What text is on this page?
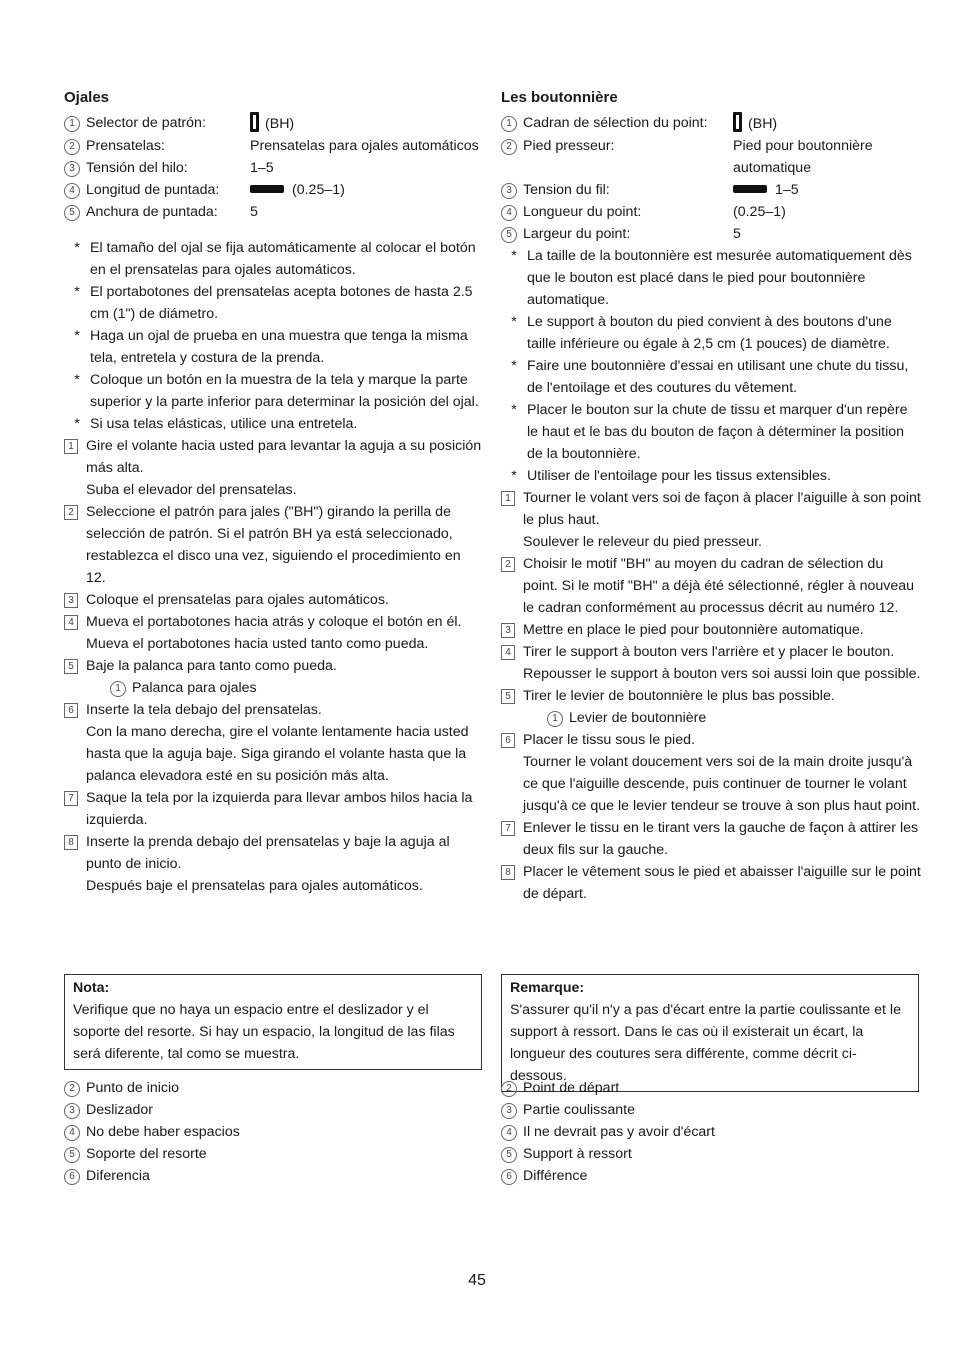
Ojales
1 Selector de patrón:	(BH)
2 Prensatelas:	Prensatelas para ojales automáticos
3 Tensión del hilo:	1–5
4 Longitud de puntada:	(0.25–1)
5 Anchura de puntada:	5
* El tamaño del ojal se fija automáticamente al colocar el botón en el prensatelas para ojales automáticos.
* El portabotones del prensatelas acepta botones de hasta 2.5 cm (1") de diámetro.
* Haga un ojal de prueba en una muestra que tenga la misma tela, entretela y costura de la prenda.
* Coloque un botón en la muestra de la tela y marque la parte superior y la parte inferior para determinar la posición del ojal.
* Si usa telas elásticas, utilice una entretela.
1 Gire el volante hacia usted para levantar la aguja a su posición más alta.
Suba el elevador del prensatelas.
2 Seleccione el patrón para jales ("BH") girando la perilla de selección de patrón. Si el patrón BH ya está seleccionado, restablezca el disco una vez, siguiendo el procedimiento en 12.
3 Coloque el prensatelas para ojales automáticos.
4 Mueva el portabotones hacia atrás y coloque el botón en él.
Mueva el portabotones hacia usted tanto como pueda.
5 Baje la palanca para tanto como pueda.
1 Palanca para ojales
6 Inserte la tela debajo del prensatelas.
Con la mano derecha, gire el volante lentamente hacia usted hasta que la aguja baje. Siga girando el volante hasta que la palanca elevadora esté en su posición más alta.
7 Saque la tela por la izquierda para llevar ambos hilos hacia la izquierda.
8 Inserte la prenda debajo del prensatelas y baje la aguja al punto de inicio.
Después baje el prensatelas para ojales automáticos.
Les boutonnière
1 Cadran de sélection du point:	(BH)
2 Pied presseur:	Pied pour boutonnière automatique
3 Tension du fil:	1–5
4 Longueur du point:	(0.25–1)
5 Largeur du point:	5
* La taille de la boutonnière est mesurée automatiquement dès que le bouton est placé dans le pied pour boutonnière automatique.
* Le support à bouton du pied convient à des boutons d'une taille inférieure ou égale à 2,5 cm (1 pouces) de diamètre.
* Faire une boutonnière d'essai en utilisant une chute du tissu, de l'entoilage et des coutures du vêtement.
* Placer le bouton sur la chute de tissu et marquer d'un repère le haut et le bas du bouton de façon à déterminer la position de la boutonnière.
* Utiliser de l'entoilage pour les tissus extensibles.
1 Tourner le volant vers soi de façon à placer l'aiguille à son point le plus haut.
Soulever le releveur du pied presseur.
2 Choisir le motif "BH" au moyen du cadran de sélection du point. Si le motif "BH" a déjà été sélectionné, régler à nouveau le cadran conformément au processus décrit au numéro 12.
3 Mettre en place le pied pour boutonnière automatique.
4 Tirer le support à bouton vers l'arrière et y placer le bouton. Repousser le support à bouton vers soi aussi loin que possible.
5 Tirer le levier de boutonnière le plus bas possible.
1 Levier de boutonnière
6 Placer le tissu sous le pied.
Tourner le volant doucement vers soi de la main droite jusqu'à ce que l'aiguille descende, puis continuer de tourner le volant jusqu'à ce que le levier tendeur se trouve à son plus haut point.
7 Enlever le tissu en le tirant vers la gauche de façon à attirer les deux fils sur la gauche.
8 Placer le vêtement sous le pied et abaisser l'aiguille sur le point de départ.
Nota:
Verifique que no haya un espacio entre el deslizador y el soporte del resorte. Si hay un espacio, la longitud de las filas será diferente, tal como se muestra.
Remarque:
S'assurer qu'il n'y a pas d'écart entre la partie coulissante et le support à ressort. Dans le cas où il existerait un écart, la longueur des coutures sera différente, comme décrit ci-dessous.
2 Punto de inicio
3 Deslizador
4 No debe haber espacios
5 Soporte del resorte
6 Diferencia
2 Point de départ
3 Partie coulissante
4 Il ne devrait pas y avoir d'écart
5 Support à ressort
6 Différence
45
